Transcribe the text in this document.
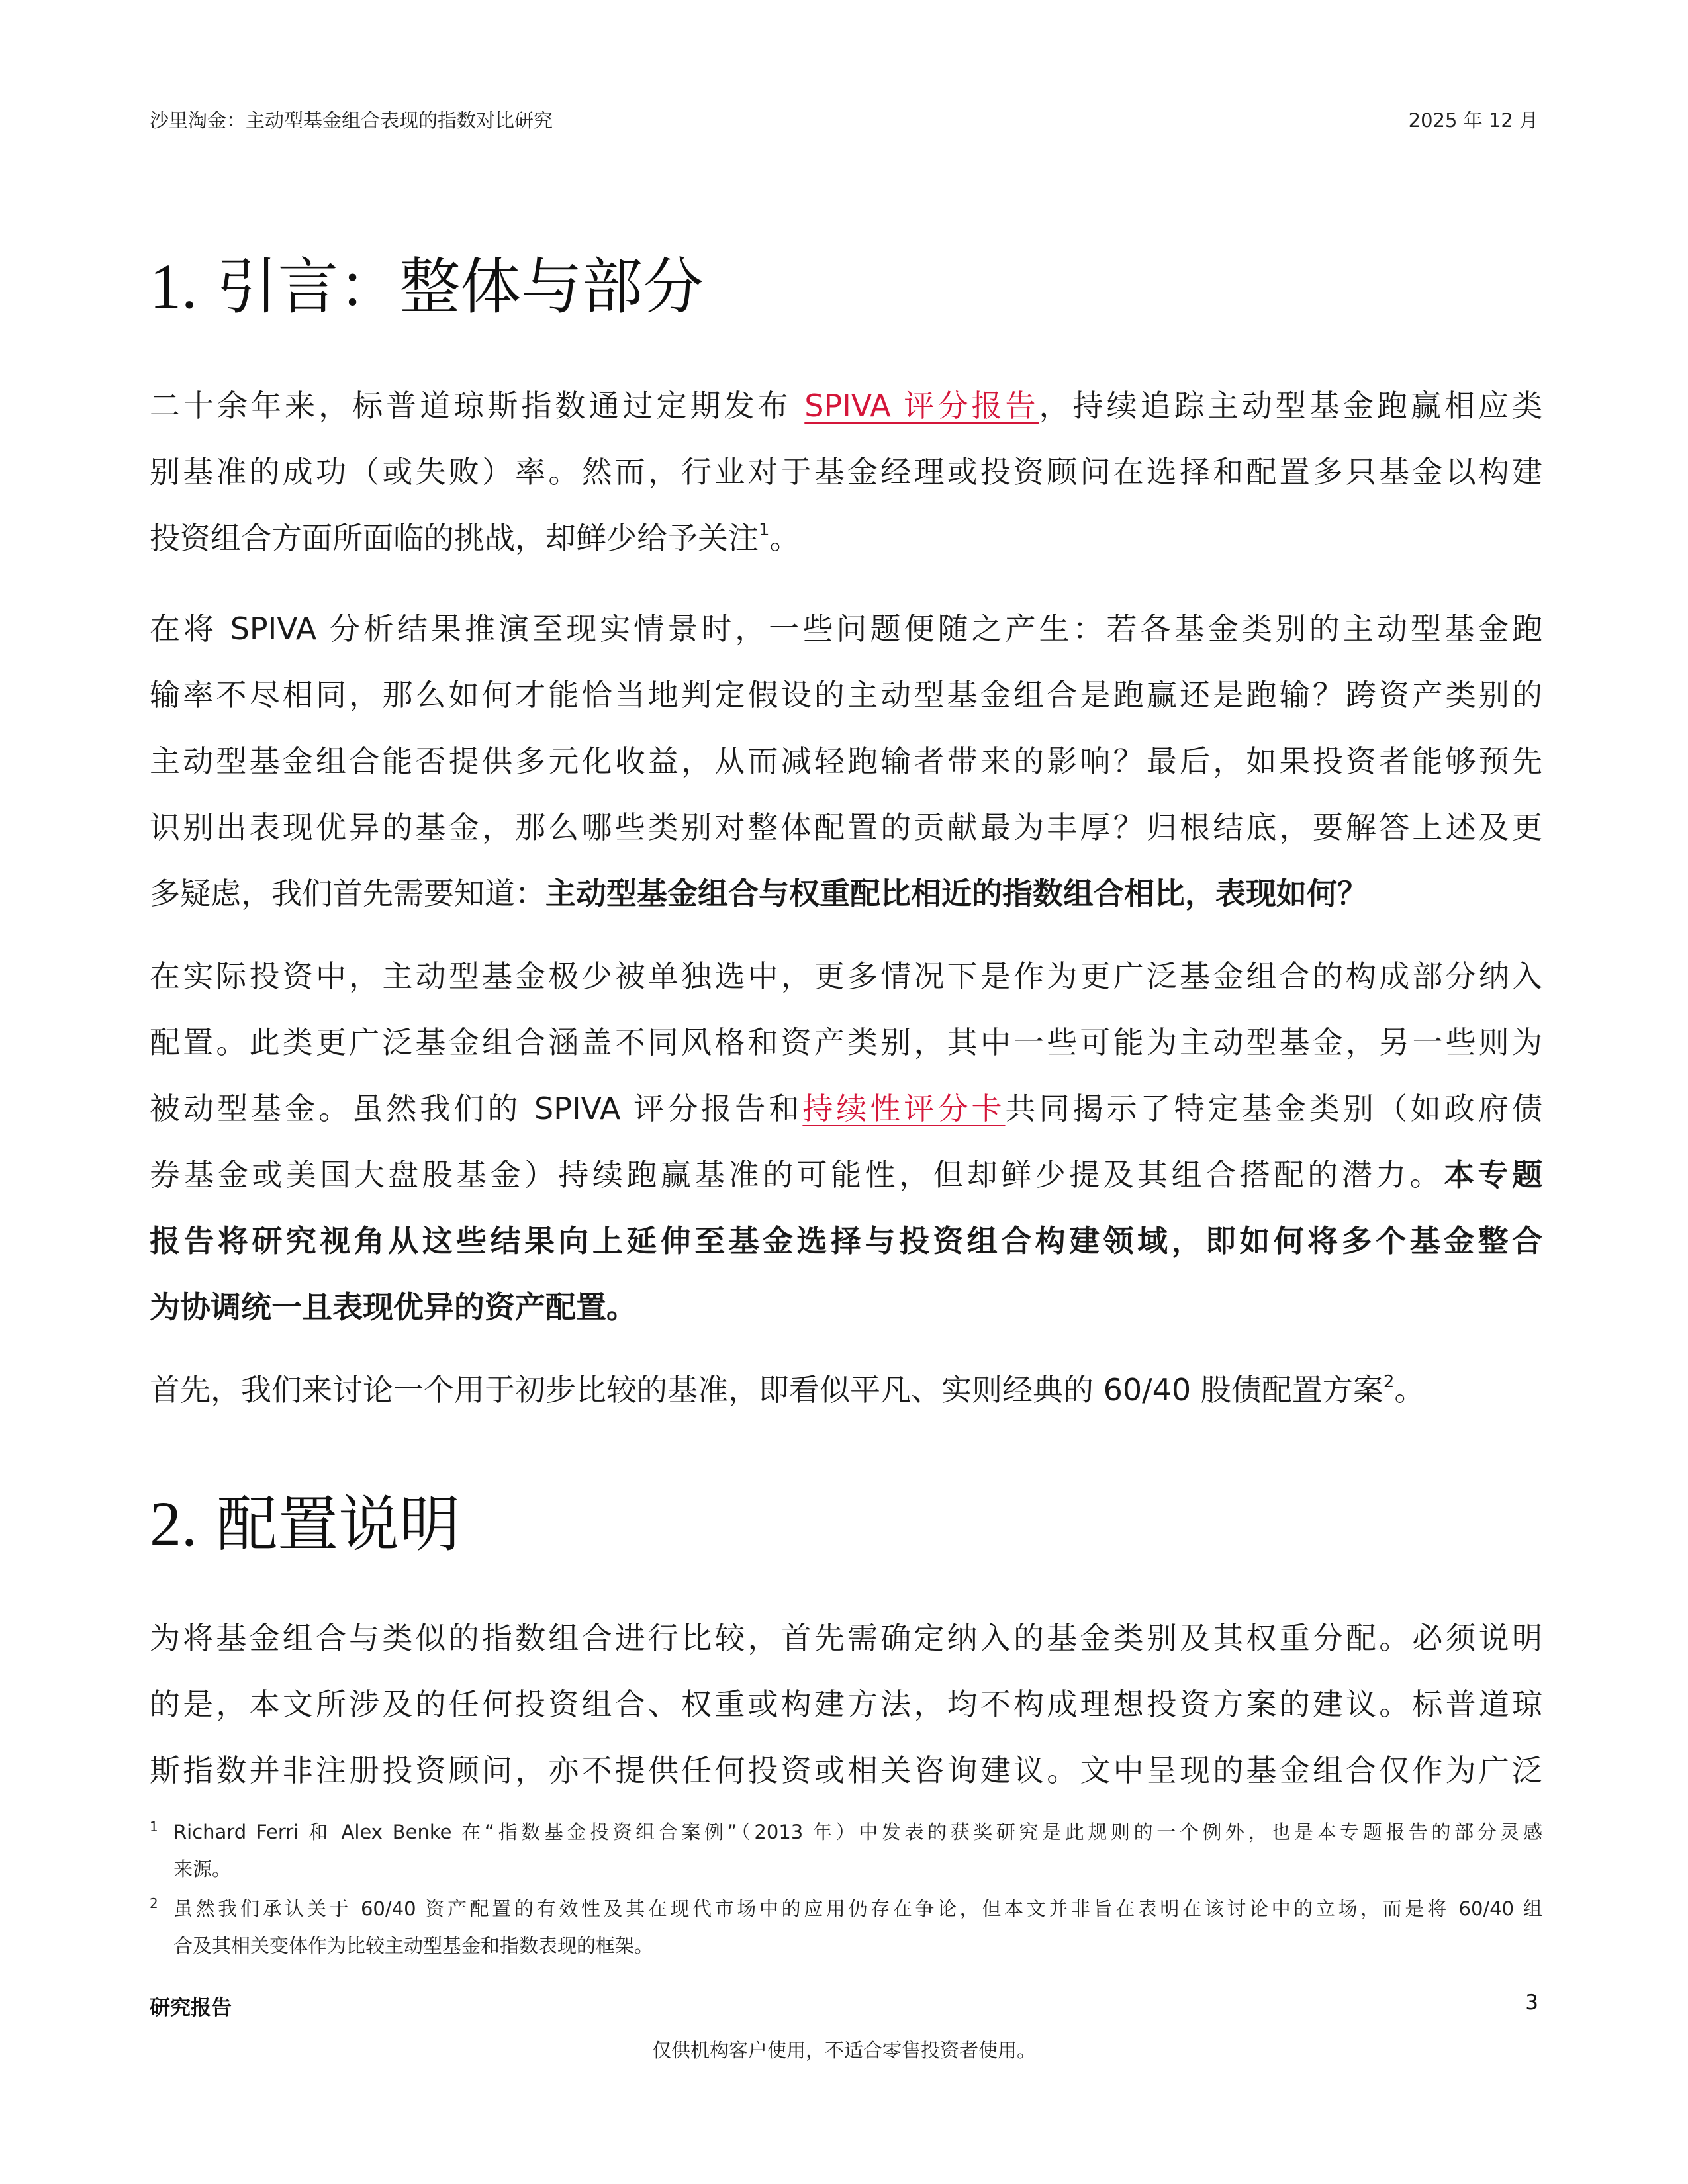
沙里淘金：主动型基金组合表现的指数对比研究	2025 年 12 月
1. 引言：整体与部分
二十余年来，标普道琼斯指数通过定期发布 SPIVA 评分报告，持续追踪主动型基金跑赢相应类
别基准的成功（或失败）率。然而，行业对于基金经理或投资顾问在选择和配置多只基金以构建
投资组合方面所面临的挑战，却鲜少给予关注$^1$。
在将 SPIVA 分析结果推演至现实情景时，一些问题便随之产生：若各基金类别的主动型基金跑
输率不尽相同，那么如何才能恰当地判定假设的主动型基金组合是跑赢还是跑输？跨资产类别的
主动型基金组合能否提供多元化收益，从而减轻跑输者带来的影响？最后，如果投资者能够预先
识别出表现优异的基金，那么哪些类别对整体配置的贡献最为丰厚？归根结底，要解答上述及更
多疑虑，我们首先需要知道：主动型基金组合与权重配比相近的指数组合相比，表现如何？
在实际投资中，主动型基金极少被单独选中，更多情况下是作为更广泛基金组合的构成部分纳入
配置。此类更广泛基金组合涵盖不同风格和资产类别，其中一些可能为主动型基金，另一些则为
被动型基金。虽然我们的 SPIVA 评分报告和持续性评分卡共同揭示了特定基金类别（如政府债
券基金或美国大盘股基金）持续跑赢基准的可能性，但却鲜少提及其组合搭配的潜力。本专题
报告将研究视角从这些结果向上延伸至基金选择与投资组合构建领域，即如何将多个基金整合
为协调统一且表现优异的资产配置。
首先，我们来讨论一个用于初步比较的基准，即看似平凡、实则经典的 60/40 股债配置方案$^2$。
2. 配置说明
为将基金组合与类似的指数组合进行比较，首先需确定纳入的基金类别及其权重分配。必须说明
的是，本文所涉及的任何投资组合、权重或构建方法，均不构成理想投资方案的建议。标普道琼
斯指数并非注册投资顾问，亦不提供任何投资或相关咨询建议。文中呈现的基金组合仅作为广泛
1 Richard Ferri 和 Alex Benke 在“指数基金投资组合案例”（2013 年）中发表的获奖研究是此规则的一个例外，也是本专题报告的部分灵感
来源。
2 虽然我们承认关于 60/40 资产配置的有效性及其在现代市场中的应用仍存在争论，但本文并非旨在表明在该讨论中的立场，而是将 60/40 组
合及其相关变体作为比较主动型基金和指数表现的框架。
研究报告	3
仅供机构客户使用，不适合零售投资者使用。
